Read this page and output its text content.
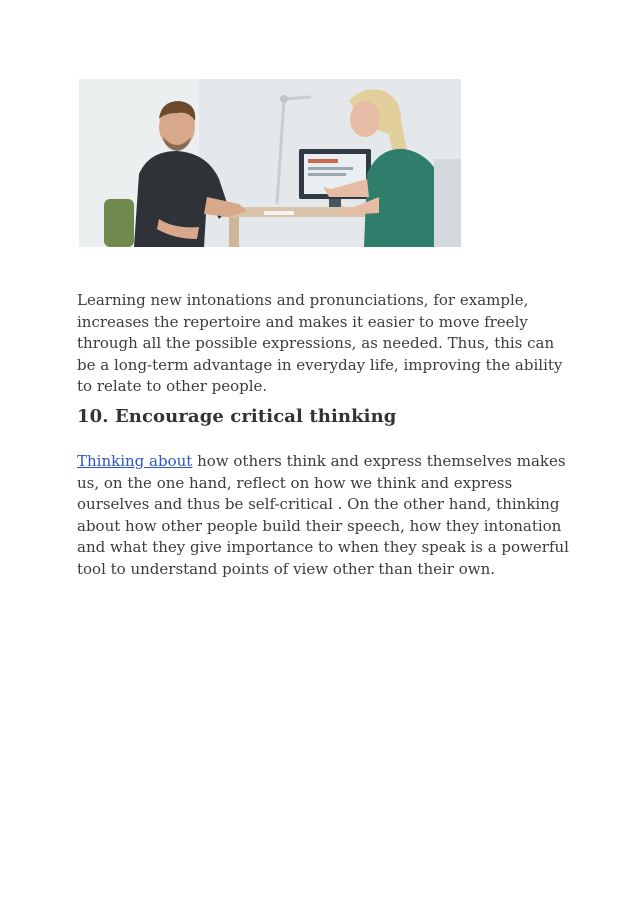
Learning new intonations and pronunciations, for example, increases the repertoire and makes it easier to move freely through all the possible expressions, as needed. Thus, this can be a long-term advantage in everyday life, improving the ability to relate to other people.

10. Encourage critical thinking

Thinking about how others think and express themselves makes us, on the one hand, reflect on how we think and express ourselves and thus be self-critical . On the other hand, thinking about how other people build their speech, how they intonation and what they give importance to when they speak is a powerful tool to understand points of view other than their own.
